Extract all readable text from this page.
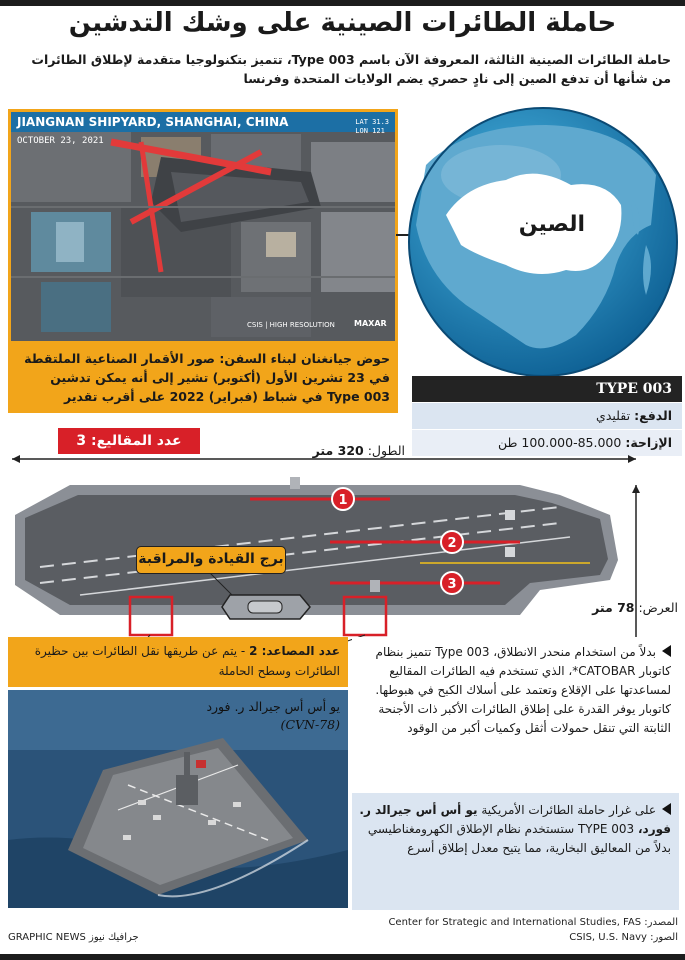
حاملة الطائرات الصينية على وشك التدشين

حاملة الطائرات الصينية الثالثة، المعروفة الآن باسم Type 003، تتميز بتكنولوجيا متقدمة لإطلاق الطائرات من شأنها أن تدفع الصين إلى نادٍ حصري يضم الولايات المتحدة وفرنسا

JIANGNAN SHIPYARD, SHANGHAI, CHINA
OCTOBER 23, 2021
LAT 31.3
LON 121
CSIS | HIGH RESOLUTION MAXAR
حوض جيانغنان لبناء السفن: صور الأقمار الصناعية الملتقطة في 23 تشرين الأول (أكتوبر) تشير إلى أنه يمكن تدشين Type 003 في شباط (فبراير) 2022 على أقرب تقدير
الصين
TYPE 003
الدفع: تقليدي
الإزاحة: 85.000-100.000 طن
عدد المقاليع: 3
الطول: 320 متر
1
2
3
برج القيادة والمراقبة
العرض: 78 متر
عدد المصاعد: 2 - يتم عن طريقها نقل الطائرات بين حظيرة الطائرات وسطح الحاملة
يو أس أس جيرالد ر. فورد
(CVN-78)
بدلاً من استخدام منحدر الانطلاق، Type 003 تتميز بنظام كاتوبار CATOBAR*، الذي تستخدم فيه الطائرات المقاليع لمساعدتها على الإقلاع وتعتمد على أسلاك الكبح في هبوطها. كاتوبار يوفر القدرة على إطلاق الطائرات الأكبر ذات الأجنحة الثابتة التي تنقل حمولات أثقل وكميات أكبر من الوقود
على غرار حاملة الطائرات الأمريكية يو أس أس جيرالد ر. فورد، TYPE 003 ستستخدم نظام الإطلاق الكهرومغناطيسي بدلاً من المعاليق البخارية، مما يتيح معدل إطلاق أسرع
المصدر: Center for Strategic and International Studies, FAS
الصور: CSIS, U.S. Navy
جرافيك نيوز GRAPHIC NEWS
